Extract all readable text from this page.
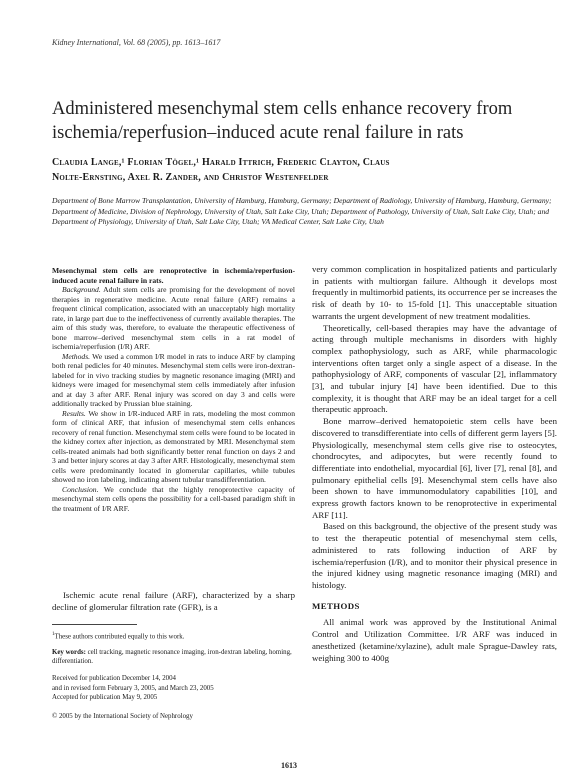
Kidney International, Vol. 68 (2005), pp. 1613–1617
Administered mesenchymal stem cells enhance recovery from ischemia/reperfusion–induced acute renal failure in rats
Claudia Lange,¹ Florian Tögel,¹ Harald Ittrich, Frederic Clayton, Claus
Nolte-Ernsting, Axel R. Zander, and Christof Westenfelder
Department of Bone Marrow Transplantation, University of Hamburg, Hamburg, Germany; Department of Radiology, University of Hamburg, Hamburg, Germany; Department of Medicine, Division of Nephrology, University of Utah, Salt Lake City, Utah; Department of Pathology, University of Utah, Salt Lake City, Utah; and Department of Physiology, University of Utah, Salt Lake City, Utah; VA Medical Center, Salt Lake City, Utah

Mesenchymal stem cells are renoprotective in ischemia/reperfusion-induced acute renal failure in rats.

Background. Adult stem cells are promising for the development of novel therapies in regenerative medicine. Acute renal failure (ARF) remains a frequent clinical complication, associated with an unacceptably high mortality rate, in large part due to the ineffectiveness of currently available therapies. The aim of this study was, therefore, to evaluate the therapeutic effectiveness of bone marrow–derived mesenchymal stem cells in a rat model of ischemia/reperfusion (I/R) ARF.

Methods. We used a common I/R model in rats to induce ARF by clamping both renal pedicles for 40 minutes. Mesenchymal stem cells were iron-dextran-labeled for in vivo tracking studies by magnetic resonance imaging (MRI) and kidneys were imaged for mesenchymal stem cells immediately after infusion and at day 3 after ARF. Renal injury was scored on day 3 and cells were additionally tracked by Prussian blue staining.

Results. We show in I/R-induced ARF in rats, modeling the most common form of clinical ARF, that infusion of mesenchymal stem cells enhances recovery of renal function. Mesenchymal stem cells were found to be located in the kidney cortex after injection, as demonstrated by MRI. Mesenchymal stem cells-treated animals had both significantly better renal function on days 2 and 3 and better injury scores at day 3 after ARF. Histologically, mesenchymal stem cells were predominantly located in glomerular capillaries, while tubules showed no iron labeling, indicating absent tubular transdifferentiation.

Conclusion. We conclude that the highly renoprotective capacity of mesenchymal stem cells opens the possibility for a cell-based paradigm shift in the treatment of I/R ARF.

Ischemic acute renal failure (ARF), characterized by a sharp decline of glomerular filtration rate (GFR), is a

$^1$These authors contributed equally to this work.
Key words: cell tracking, magnetic resonance imaging, iron-dextran labeling, homing, differentiation.
Received for publication December 14, 2004
and in revised form February 3, 2005, and March 23, 2005
Accepted for publication May 9, 2005
© 2005 by the International Society of Nephrology

very common complication in hospitalized patients and particularly in patients with multiorgan failure. Although it develops most frequently in multimorbid patients, its occurrence per se increases the risk of death by 10- to 15-fold [1]. This unacceptable situation warrants the urgent development of new treatment modalities.

Theoretically, cell-based therapies may have the advantage of acting through multiple mechanisms in disorders with highly complex pathophysiology, such as ARF, while pharmacologic interventions often target only a single aspect of a disease. In the pathophysiology of ARF, components of vascular [2], inflammatory [3], and tubular injury [4] have been identified. Due to this complexity, it is thought that ARF may be an ideal target for a cell therapeutic approach.

Bone marrow–derived hematopoietic stem cells have been discovered to transdifferentiate into cells of different germ layers [5]. Physiologically, mesenchymal stem cells give rise to osteocytes, chondrocytes, and adipocytes, but were recently found to differentiate into endothelial, myocardial [6], liver [7], renal [8], and pulmonary epithelial cells [9]. Mesenchymal stem cells have also been shown to have immunomodulatory capabilities [10], and express growth factors known to be renoprotective in experimental ARF [11].

Based on this background, the objective of the present study was to test the therapeutic potential of mesenchymal stem cells, administered to rats following induction of ARF by ischemia/reperfusion (I/R), and to monitor their physical presence in the injured kidney using magnetic resonance imaging (MRI) and histology.

METHODS

All animal work was approved by the Institutional Animal Control and Utilization Committee. I/R ARF was induced in anesthetized (ketamine/xylazine), adult male Sprague-Dawley rats, weighing 300 to 400g

1613
